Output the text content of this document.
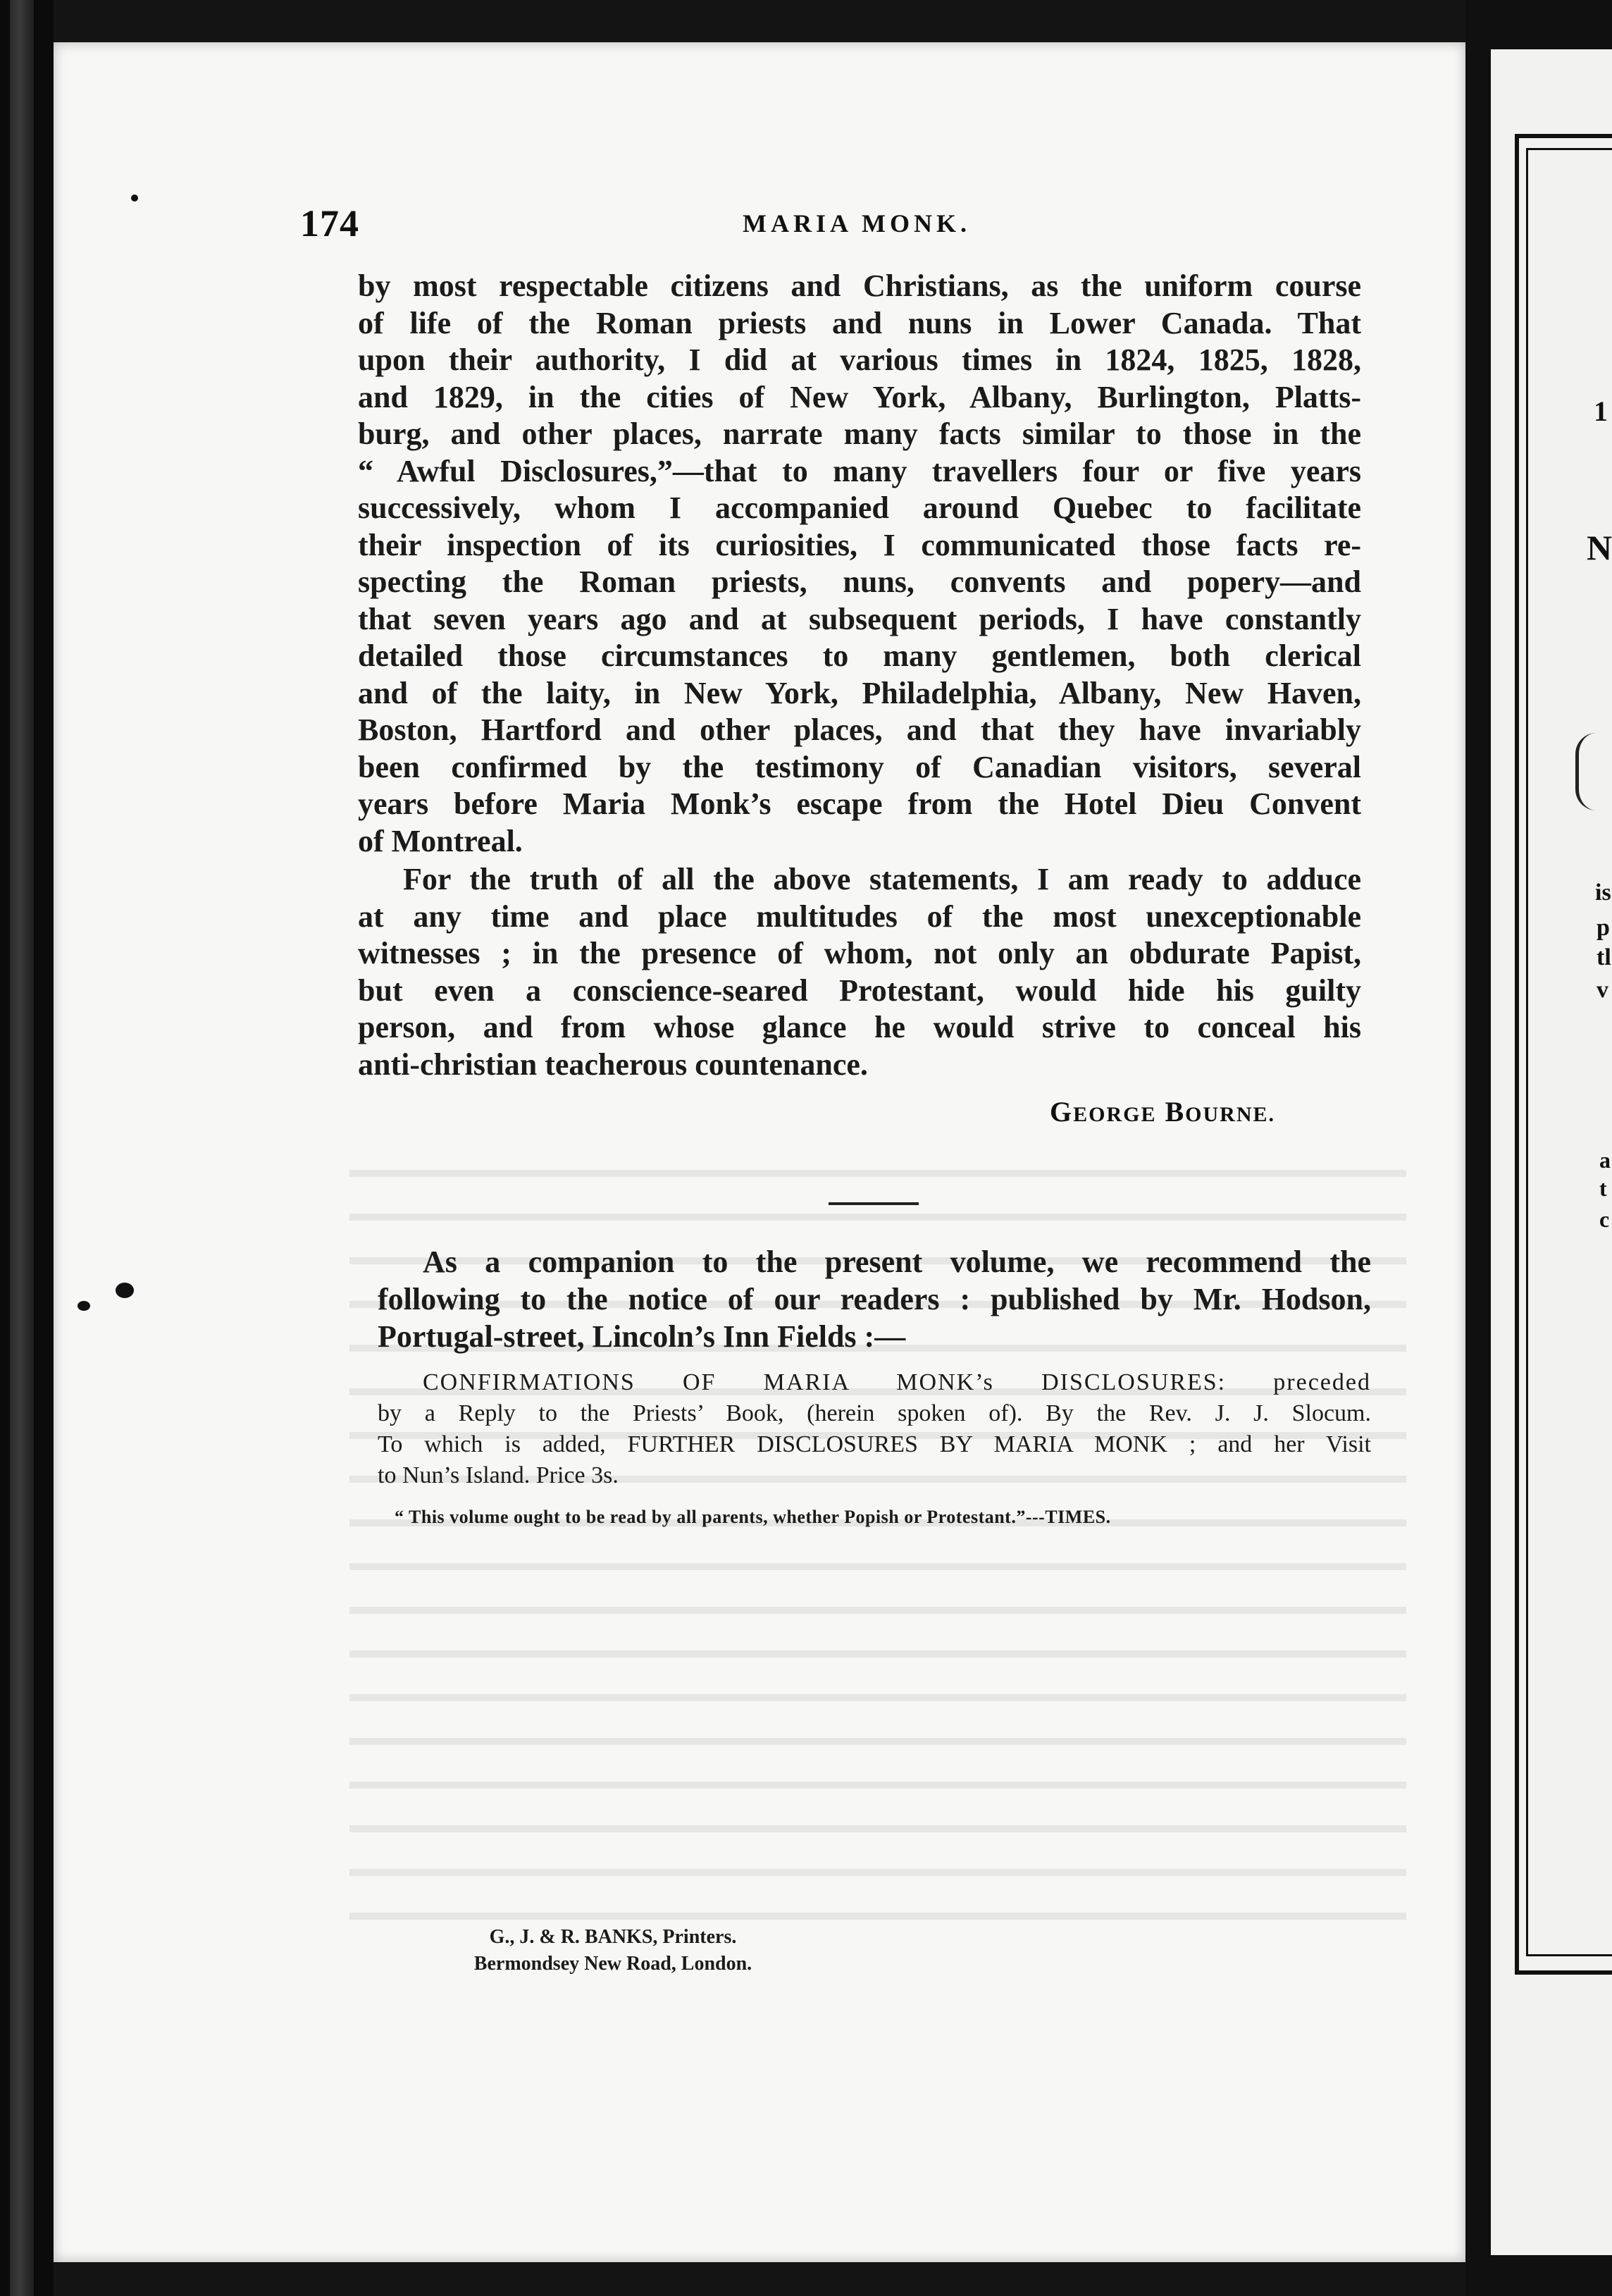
174	MARIA MONK.
by most respectable citizens and Christians, as the uniform course
of life of the Roman priests and nuns in Lower Canada. That
upon their authority, I did at various times in 1824, 1825, 1828,
and 1829, in the cities of New York, Albany, Burlington, Platts-
burg, and other places, narrate many facts similar to those in the
“ Awful Disclosures,”—that to many travellers four or five years
successively, whom I accompanied around Quebec to facilitate
their inspection of its curiosities, I communicated those facts re-
specting the Roman priests, nuns, convents and popery—and
that seven years ago and at subsequent periods, I have constantly
detailed those circumstances to many gentlemen, both clerical
and of the laity, in New York, Philadelphia, Albany, New Haven,
Boston, Hartford and other places, and that they have invariably
been confirmed by the testimony of Canadian visitors, several
years before Maria Monk’s escape from the Hotel Dieu Convent
of Montreal.
For the truth of all the above statements, I am ready to adduce
at any time and place multitudes of the most unexceptionable
witnesses ; in the presence of whom, not only an obdurate Papist,
but even a conscience-seared Protestant, would hide his guilty
person, and from whose glance he would strive to conceal his
anti-christian teacherous countenance.
GEORGE BOURNE.
As a companion to the present volume, we recommend the
following to the notice of our readers : published by Mr. Hodson,
Portugal-street, Lincoln’s Inn Fields :—
CONFIRMATIONS OF MARIA MONK’s DISCLOSURES: preceded
by a Reply to the Priests’ Book, (herein spoken of). By the Rev. J. J. Slocum.
To which is added, FURTHER DISCLOSURES BY MARIA MONK ; and her Visit
to Nun’s Island. Price 3s.
“ This volume ought to be read by all parents, whether Popish or Protestant.”---TIMES.
G., J. & R. BANKS, Printers.
Bermondsey New Road, London.
1
N
is
p
tl
v
a
t
c
